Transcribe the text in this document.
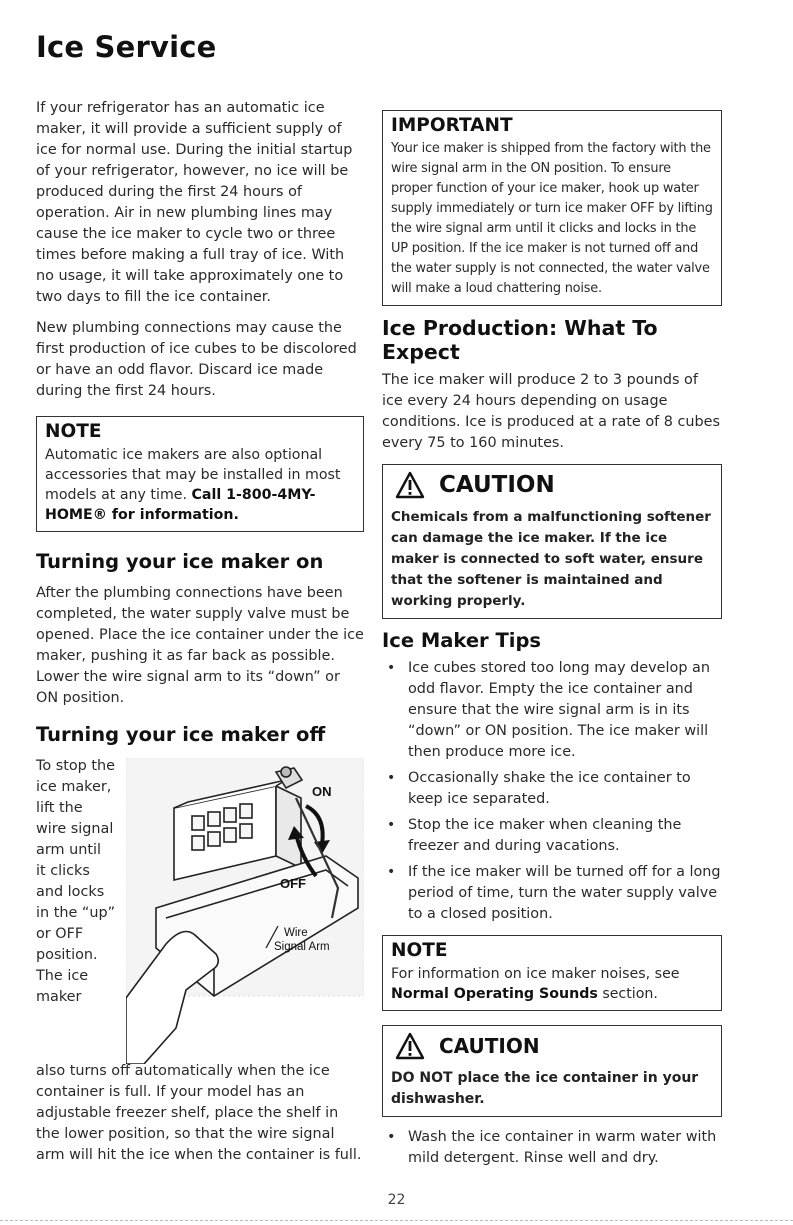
Ice Service

If your refrigerator has an automatic ice maker, it will provide a sufficient supply of ice for normal use. During the initial startup of your refrigerator, however, no ice will be produced during the first 24 hours of operation. Air in new plumbing lines may cause the ice maker to cycle two or three times before making a full tray of ice. With no usage, it will take approximately one to two days to fill the ice container.

New plumbing connections may cause the first production of ice cubes to be discolored or have an odd flavor. Discard ice made during the first 24 hours.

NOTE
Automatic ice makers are also optional accessories that may be installed in most models at any time. Call 1-800-4MY-HOME® for information.
Turning your ice maker on

After the plumbing connections have been completed, the water supply valve must be opened. Place the ice container under the ice maker, pushing it as far back as possible. Lower the wire signal arm to its “down” or ON position.

Turning your ice maker off
To stop the
ice maker,
lift the
wire signal
arm until
it clicks
and locks
in the “up”
or OFF
position.
The ice
maker
ON
OFF
Wire
Signal Arm

also turns off automatically when the ice container is full. If your model has an adjustable freezer shelf, place the shelf in the lower position, so that the wire signal arm will hit the ice when the container is full.

IMPORTANT
Your ice maker is shipped from the factory with the wire signal arm in the ON position. To ensure proper function of your ice maker, hook up water supply immediately or turn ice maker OFF by lifting the wire signal arm until it clicks and locks in the UP position. If the ice maker is not turned off and the water supply is not connected, the water valve will make a loud chattering noise.
Ice Production: What To Expect

The ice maker will produce 2 to 3 pounds of ice every 24 hours depending on usage conditions. Ice is produced at a rate of 8 cubes every 75 to 160 minutes.

CAUTION
Chemicals from a malfunctioning softener can damage the ice maker. If the ice maker is connected to soft water, ensure that the softener is maintained and working properly.
Ice Maker Tips
• Ice cubes stored too long may develop an odd flavor. Empty the ice container and ensure that the wire signal arm is in its “down” or ON position. The ice maker will then produce more ice.
• Occasionally shake the ice container to keep ice separated.
• Stop the ice maker when cleaning the freezer and during vacations.
• If the ice maker will be turned off for a long period of time, turn the water supply valve to a closed position.
NOTE
For information on ice maker noises, see Normal Operating Sounds section.
CAUTION
DO NOT place the ice container in your dishwasher.
• Wash the ice container in warm water with mild detergent. Rinse well and dry.
22
